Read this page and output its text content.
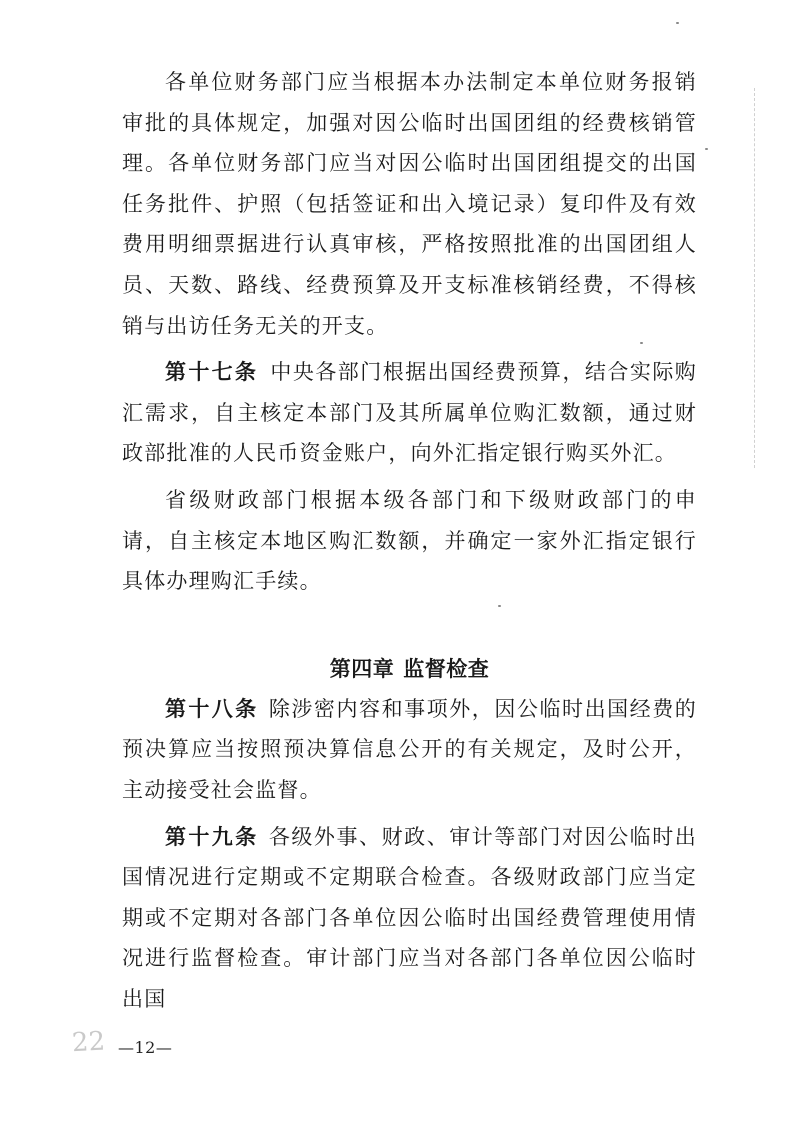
各单位财务部门应当根据本办法制定本单位财务报销审批的具体规定，加强对因公临时出国团组的经费核销管理。各单位财务部门应当对因公临时出国团组提交的出国任务批件、护照（包括签证和出入境记录）复印件及有效费用明细票据进行认真审核，严格按照批准的出国团组人员、天数、路线、经费预算及开支标准核销经费，不得核销与出访任务无关的开支。

第十七条 中央各部门根据出国经费预算，结合实际购汇需求，自主核定本部门及其所属单位购汇数额，通过财政部批准的人民币资金账户，向外汇指定银行购买外汇。

省级财政部门根据本级各部门和下级财政部门的申请，自主核定本地区购汇数额，并确定一家外汇指定银行具体办理购汇手续。

第四章 监督检查

第十八条 除涉密内容和事项外，因公临时出国经费的预决算应当按照预决算信息公开的有关规定，及时公开，主动接受社会监督。

第十九条 各级外事、财政、审计等部门对因公临时出国情况进行定期或不定期联合检查。各级财政部门应当定期或不定期对各部门各单位因公临时出国经费管理使用情况进行监督检查。审计部门应当对各部门各单位因公临时出国

22 —12—
